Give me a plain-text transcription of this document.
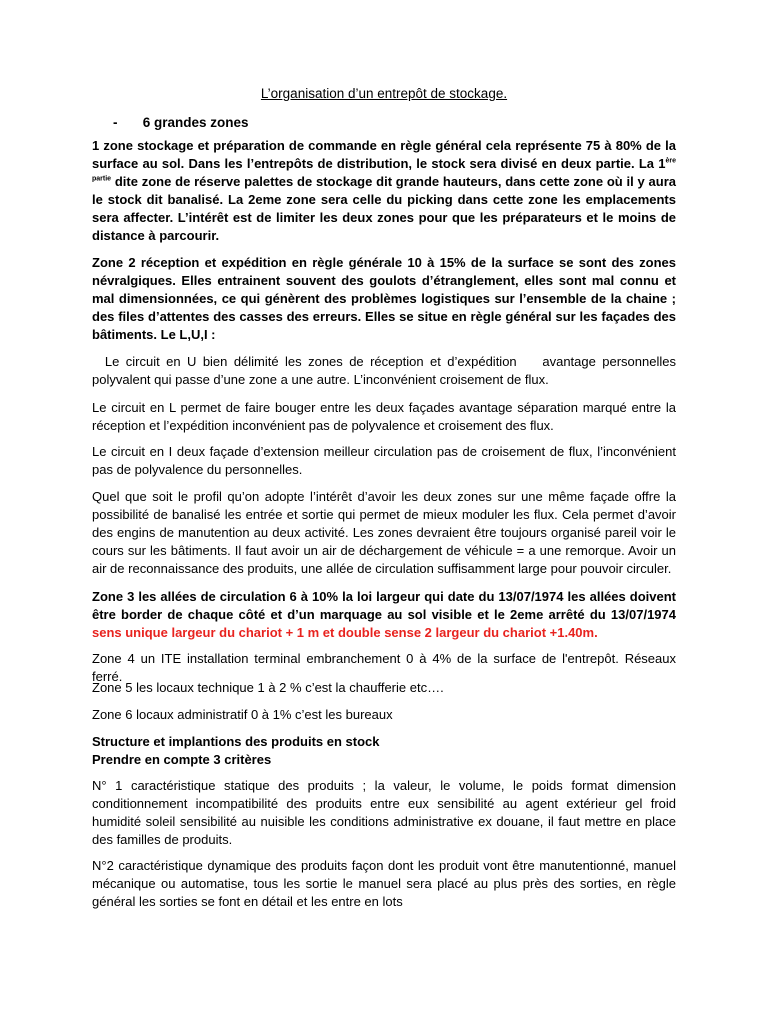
L’organisation d’un entrepôt de stockage.
- 6 grandes zones

1 zone stockage et préparation de commande en règle général cela représente 75 à 80% de la surface au sol. Dans les l’entrepôts de distribution, le stock sera divisé en deux partie. La $1^{ère partie}$ dite zone de réserve palettes de stockage dit grande hauteurs, dans cette zone où il y aura le stock dit banalisé. La 2eme zone sera celle du picking dans cette zone les emplacements sera affecter. L’intérêt est de limiter les deux zones pour que les préparateurs et le moins de distance à parcourir.

Zone 2 réception et expédition en règle générale 10 à 15% de la surface se sont des zones névralgiques. Elles entrainent souvent des goulots d’étranglement, elles sont mal connu et mal dimensionnées, ce qui génèrent des problèmes logistiques sur l’ensemble de la chaine ; des files d’attentes des casses des erreurs. Elles se situe en règle général sur les façades des bâtiments. Le L,U,I :

Le circuit en U bien délimité les zones de réception et d’expédition    avantage personnelles polyvalent qui passe d’une zone a une autre. L’inconvénient croisement de flux.

Le circuit en L permet de faire bouger entre les deux façades avantage séparation marqué entre la réception et l’expédition inconvénient pas de polyvalence et croisement des flux.

Le circuit en I deux façade d’extension meilleur circulation pas de croisement de flux, l’inconvénient pas de polyvalence du personnelles.

Quel que soit le profil qu’on adopte l’intérêt d’avoir les deux zones sur une même façade offre la possibilité de banalisé les entrée et sortie qui permet de mieux moduler les flux. Cela permet d’avoir des engins de manutention au deux activité. Les zones devraient être toujours organisé pareil voir le cours sur les bâtiments. Il faut avoir un air de déchargement de véhicule = a une remorque. Avoir un air de reconnaissance des produits, une allée de circulation suffisamment large pour pouvoir circuler.

Zone 3 les allées de circulation 6 à 10% la loi largeur qui date du 13/07/1974 les allées doivent être border de chaque côté et d’un marquage au sol visible et le 2eme arrêté du 13/07/1974 sens unique largeur du chariot + 1 m et double sense 2 largeur du chariot +1.40m.

Zone 4 un ITE installation terminal embranchement 0 à 4% de la surface de l'entrepôt. Réseaux ferré.

Zone 5 les locaux technique 1 à 2 % c’est la chaufferie etc….

Zone 6 locaux administratif 0 à 1% c’est les bureaux

Structure et implantions des produits en stock
Prendre en compte 3 critères

N° 1 caractéristique statique des produits ; la valeur, le volume, le poids format dimension conditionnement incompatibilité des produits entre eux sensibilité au agent extérieur gel froid humidité soleil sensibilité au nuisible les conditions administrative ex douane, il faut mettre en place des familles de produits.

N°2 caractéristique dynamique des produits façon dont les produit vont être manutentionné, manuel mécanique ou automatise, tous les sortie le manuel sera placé au plus près des sorties, en règle général les sorties se font en détail et les entre en lots
